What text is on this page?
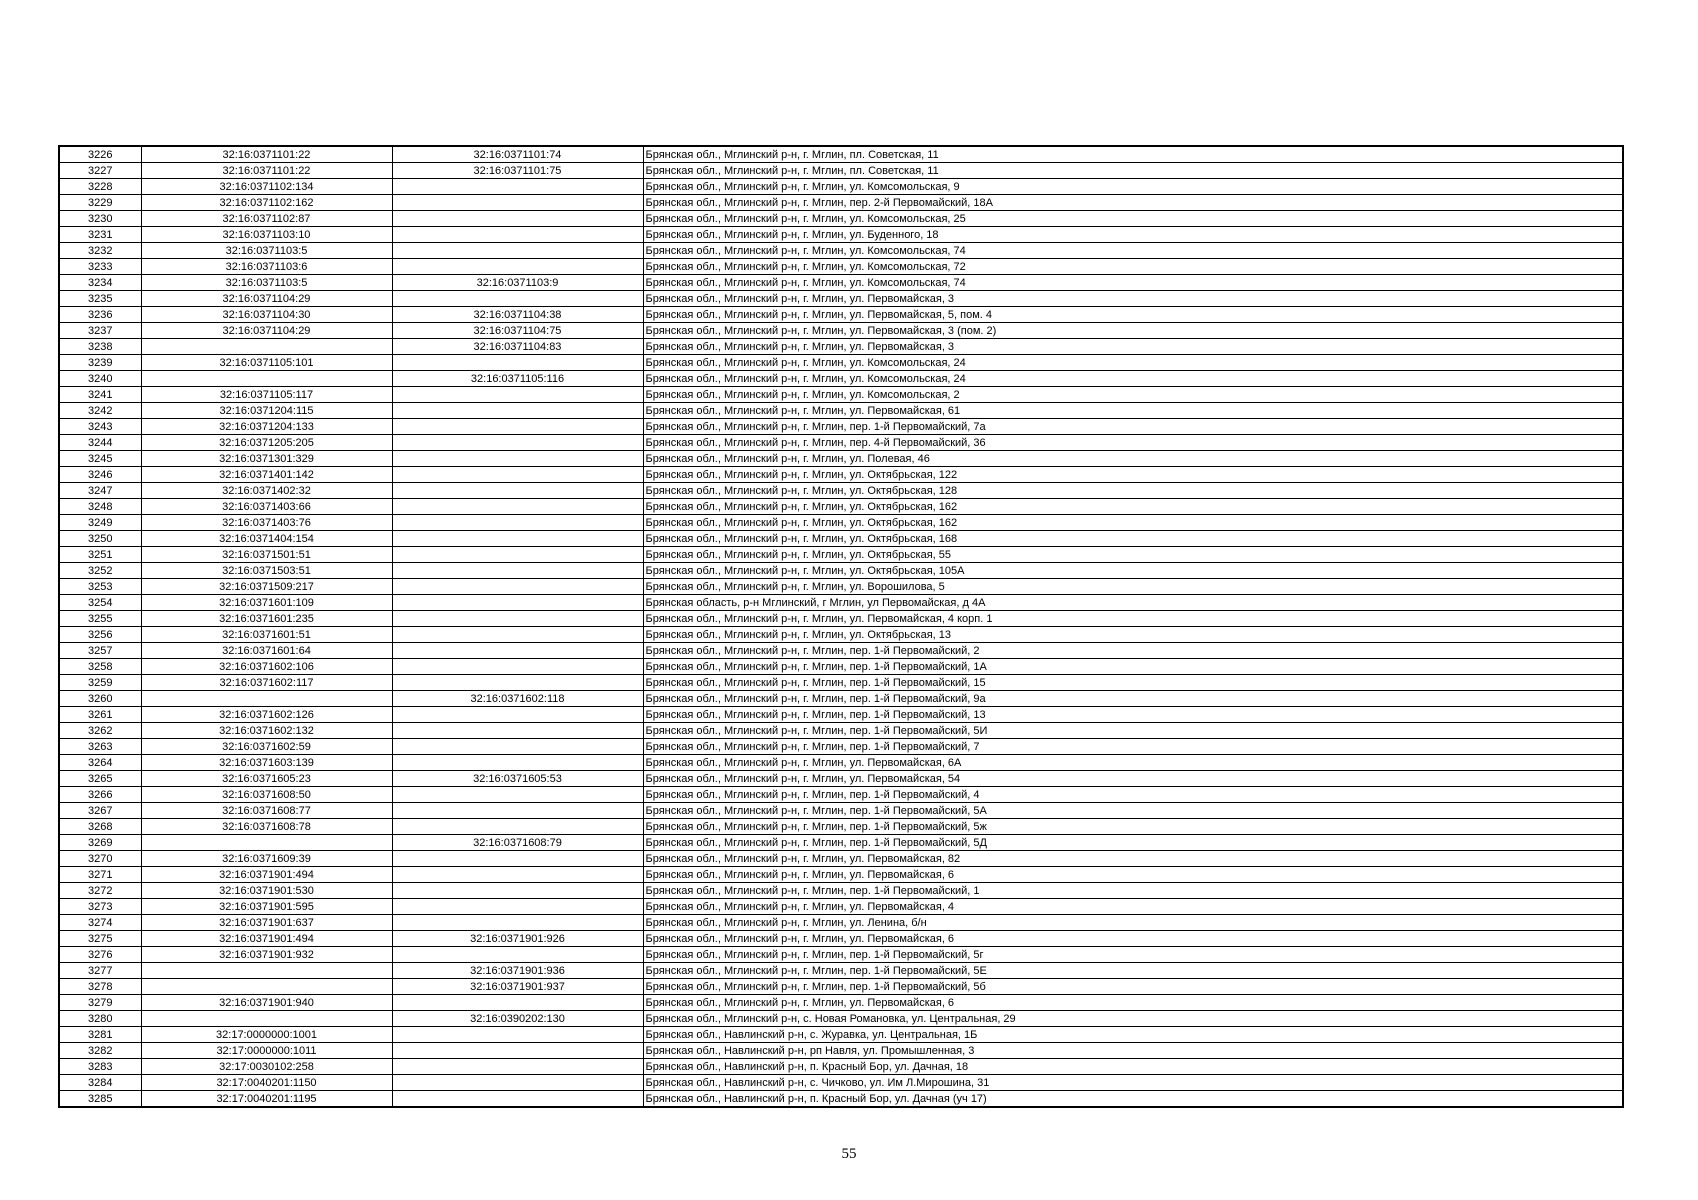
3226	32:16:0371101:22	32:16:0371101:74	Брянская обл., Мглинский р-н, г. Мглин, пл. Советская, 11
3227	32:16:0371101:22	32:16:0371101:75	Брянская обл., Мглинский р-н, г. Мглин, пл. Советская, 11
3228	32:16:0371102:134		Брянская обл., Мглинский р-н, г. Мглин, ул. Комсомольская, 9
3229	32:16:0371102:162		Брянская обл., Мглинский р-н, г. Мглин, пер. 2-й Первомайский, 18А
3230	32:16:0371102:87		Брянская обл., Мглинский р-н, г. Мглин, ул. Комсомольская, 25
3231	32:16:0371103:10		Брянская обл., Мглинский р-н, г. Мглин, ул. Буденного, 18
3232	32:16:0371103:5		Брянская обл., Мглинский р-н, г. Мглин, ул. Комсомольская, 74
3233	32:16:0371103:6		Брянская обл., Мглинский р-н, г. Мглин, ул. Комсомольская, 72
3234	32:16:0371103:5	32:16:0371103:9	Брянская обл., Мглинский р-н, г. Мглин, ул. Комсомольская, 74
3235	32:16:0371104:29		Брянская обл., Мглинский р-н, г. Мглин, ул. Первомайская, 3
3236	32:16:0371104:30	32:16:0371104:38	Брянская обл., Мглинский р-н, г. Мглин, ул. Первомайская, 5, пом. 4
3237	32:16:0371104:29	32:16:0371104:75	Брянская обл., Мглинский р-н, г. Мглин, ул. Первомайская, 3 (пом. 2)
3238		32:16:0371104:83	Брянская обл., Мглинский р-н, г. Мглин, ул. Первомайская, 3
3239	32:16:0371105:101		Брянская обл., Мглинский р-н, г. Мглин, ул. Комсомольская, 24
3240		32:16:0371105:116	Брянская обл., Мглинский р-н, г. Мглин, ул. Комсомольская, 24
3241	32:16:0371105:117		Брянская обл., Мглинский р-н, г. Мглин, ул. Комсомольская, 2
3242	32:16:0371204:115		Брянская обл., Мглинский р-н, г. Мглин, ул. Первомайская, 61
3243	32:16:0371204:133		Брянская обл., Мглинский р-н, г. Мглин, пер. 1-й Первомайский, 7а
3244	32:16:0371205:205		Брянская обл., Мглинский р-н, г. Мглин, пер. 4-й Первомайский, 36
3245	32:16:0371301:329		Брянская обл., Мглинский р-н, г. Мглин, ул. Полевая, 46
3246	32:16:0371401:142		Брянская обл., Мглинский р-н, г. Мглин, ул. Октябрьская, 122
3247	32:16:0371402:32		Брянская обл., Мглинский р-н, г. Мглин, ул. Октябрьская, 128
3248	32:16:0371403:66		Брянская обл., Мглинский р-н, г. Мглин, ул. Октябрьская, 162
3249	32:16:0371403:76		Брянская обл., Мглинский р-н, г. Мглин, ул. Октябрьская, 162
3250	32:16:0371404:154		Брянская обл., Мглинский р-н, г. Мглин, ул. Октябрьская, 168
3251	32:16:0371501:51		Брянская обл., Мглинский р-н, г. Мглин, ул. Октябрьская, 55
3252	32:16:0371503:51		Брянская обл., Мглинский р-н, г. Мглин, ул. Октябрьская, 105А
3253	32:16:0371509:217		Брянская обл., Мглинский р-н, г. Мглин, ул. Ворошилова, 5
3254	32:16:0371601:109		Брянская область, р-н Мглинский, г Мглин, ул Первомайская, д 4А
3255	32:16:0371601:235		Брянская обл., Мглинский р-н, г. Мглин, ул. Первомайская, 4 корп. 1
3256	32:16:0371601:51		Брянская обл., Мглинский р-н, г. Мглин, ул. Октябрьская, 13
3257	32:16:0371601:64		Брянская обл., Мглинский р-н, г. Мглин, пер. 1-й Первомайский, 2
3258	32:16:0371602:106		Брянская обл., Мглинский р-н, г. Мглин, пер. 1-й Первомайский, 1А
3259	32:16:0371602:117		Брянская обл., Мглинский р-н, г. Мглин, пер. 1-й Первомайский, 15
3260		32:16:0371602:118	Брянская обл., Мглинский р-н, г. Мглин, пер. 1-й Первомайский, 9а
3261	32:16:0371602:126		Брянская обл., Мглинский р-н, г. Мглин, пер. 1-й Первомайский, 13
3262	32:16:0371602:132		Брянская обл., Мглинский р-н, г. Мглин, пер. 1-й Первомайский, 5И
3263	32:16:0371602:59		Брянская обл., Мглинский р-н, г. Мглин, пер. 1-й Первомайский, 7
3264	32:16:0371603:139		Брянская обл., Мглинский р-н, г. Мглин, ул. Первомайская, 6А
3265	32:16:0371605:23	32:16:0371605:53	Брянская обл., Мглинский р-н, г. Мглин, ул. Первомайская, 54
3266	32:16:0371608:50		Брянская обл., Мглинский р-н, г. Мглин, пер. 1-й Первомайский, 4
3267	32:16:0371608:77		Брянская обл., Мглинский р-н, г. Мглин, пер. 1-й Первомайский, 5А
3268	32:16:0371608:78		Брянская обл., Мглинский р-н, г. Мглин, пер. 1-й Первомайский, 5ж
3269		32:16:0371608:79	Брянская обл., Мглинский р-н, г. Мглин, пер. 1-й Первомайский, 5Д
3270	32:16:0371609:39		Брянская обл., Мглинский р-н, г. Мглин, ул. Первомайская, 82
3271	32:16:0371901:494		Брянская обл., Мглинский р-н, г. Мглин, ул. Первомайская, 6
3272	32:16:0371901:530		Брянская обл., Мглинский р-н, г. Мглин, пер. 1-й Первомайский, 1
3273	32:16:0371901:595		Брянская обл., Мглинский р-н, г. Мглин, ул. Первомайская, 4
3274	32:16:0371901:637		Брянская обл., Мглинский р-н, г. Мглин, ул. Ленина, б/н
3275	32:16:0371901:494	32:16:0371901:926	Брянская обл., Мглинский р-н, г. Мглин, ул. Первомайская, 6
3276	32:16:0371901:932		Брянская обл., Мглинский р-н, г. Мглин, пер. 1-й Первомайский, 5г
3277		32:16:0371901:936	Брянская обл., Мглинский р-н, г. Мглин, пер. 1-й Первомайский, 5Е
3278		32:16:0371901:937	Брянская обл., Мглинский р-н, г. Мглин, пер. 1-й Первомайский, 5б
3279	32:16:0371901:940		Брянская обл., Мглинский р-н, г. Мглин, ул. Первомайская, 6
3280		32:16:0390202:130	Брянская обл., Мглинский р-н, с. Новая Романовка, ул. Центральная, 29
3281	32:17:0000000:1001		Брянская обл., Навлинский р-н, с. Журавка, ул. Центральная, 1Б
3282	32:17:0000000:1011		Брянская обл., Навлинский р-н, рп Навля, ул. Промышленная, 3
3283	32:17:0030102:258		Брянская обл., Навлинский р-н, п. Красный Бор, ул. Дачная, 18
3284	32:17:0040201:1150		Брянская обл., Навлинский р-н, с. Чичково, ул. Им Л.Мирошина, 31
3285	32:17:0040201:1195		Брянская обл., Навлинский р-н, п. Красный Бор, ул. Дачная (уч 17)
55
